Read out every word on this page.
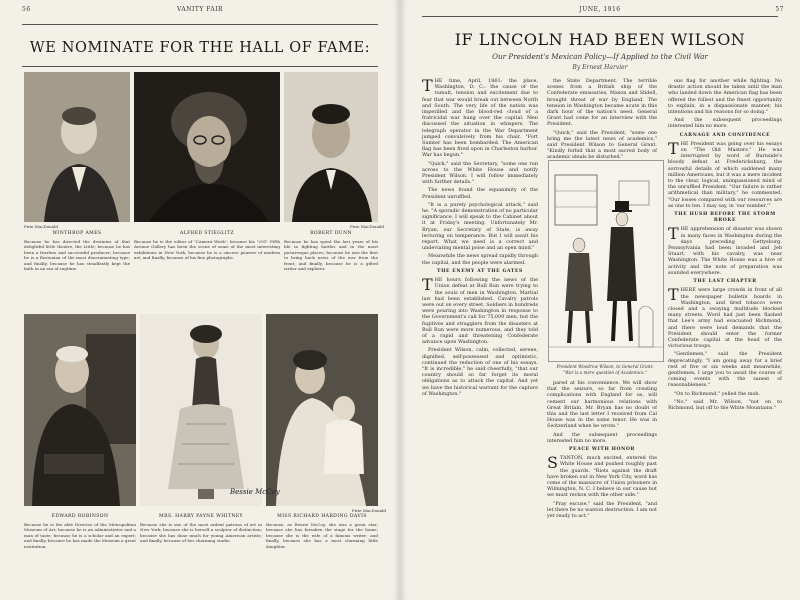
56	VANITY FAIR
WE NOMINATE FOR THE HALL OF FAME:
Pirie MacDonald	Pirie MacDonald
WINTHROP AMES	ALFRED STIEGLITZ	ROBERT DUNN
Because he has directed the destinies of that delightful little theatre, the Little; because he has been a fearless and successful producer; because he is a Bostonian of the most discriminating type; and finally, because he has steadfastly kept the faith in an era of ragtime.
Because he is the editor of "Camera Work"; because his "291" Fifth Avenue Gallery has been the scene of some of the most interesting exhibitions in New York; because he is a sincere pioneer of modern art; and finally, because of his fine photographs.
Because he has spent the last years of his life in fighting battles and in the most picturesque places; because he was the first to bring back news of the war from the front; and finally, because he is a gifted writer and explorer.
Bessie McCoy
Pirie MacDonald
EDWARD ROBINSON	MRS. HARRY PAYNE WHITNEY	MISS RICHARD HARDING DAVIS
Because he is the able Director of the Metropolitan Museum of Art; because he is an administrator and a man of taste; because he is a scholar and an expert; and finally, because he has made the Museum a great institution.
Because she is one of the most ardent patrons of art in New York; because she is herself a sculptor of distinction; because she has done much for young American artists; and finally, because of her charming studio.
Because, as Bessie McCoy, she was a great star; because she has forsaken the stage for the home; because she is the wife of a famous writer; and finally, because she has a most charming little daughter.
JUNE, 1916	57
IF LINCOLN HAD BEEN WILSON
Our President's Mexican Policy—If Applied to the Civil War
By Ernest Harvier

THE time, April, 1861: the place, Washington, D. C.: the cause of the tumult, tension and excitement due to fear that war would break out between North and South. The very life of the nation was imperilled and the blood-red cloud of a fratricidal war hung over the capital. Men discussed the situation in whispers. The telegraph operator in the War Department jumped convulsively from his chair. "Fort Sumter has been bombarded. The American flag has been fired upon in Charleston harbor. War has begun."

"Quick," said the Secretary, "some one run across to the White House and notify President Wilson. I will follow immediately with further details."

The news found the equanimity of the President unruffled.

"It is a purely psychological attack," said he. "A sporadic demonstration of no particular significance. I will speak to the Cabinet about it at Friday's meeting. Unfortunately Mr. Bryan, our Secretary of State, is away lecturing on temperance. But I will await his report. What we need is a correct and undeviating mental poise and an open mind."

Meanwhile the news spread rapidly through the capital, and the people were alarmed.

THE ENEMY AT THE GATES

THE hours following the news of the Union defeat at Bull Run were trying to the souls of men in Washington. Martial law had been established. Cavalry patrols were out on every street. Soldiers in hundreds were pouring into Washington in response to the Government's call for 75,000 men, but the fugitives and stragglers from the disasters at Bull Run were more numerous, and they told of a rapid and threatening Confederate advance upon Washington.

President Wilson, calm, collected, serene, dignified, self-possessed and optimistic, continued the redaction of one of his essays. "It is incredible," he said cheerfully, "that our country should so far forget its moral obligations as to attack the capital. And yet we have the historical warrant for the capture of Washington."

the State Department. The terrible scenes from a British ship of the Confederate emissaries, Mason and Slidell, brought threat of war by England. The tension in Washington became acute in this dark hour of the nation's need. General Grant had come for an interview with the President.

"Quick," said the President, "some one bring me the latest news of academics," said President Wilson to General Grant. "Kindly forbid that a most sacred body of academic ideals be disturbed."

ons flag for another while fighting. No drastic action should be taken until the man who landed down the American flag has been offered the fullest and the finest opportunity to explain, in a dispassionate manner, his intentions and his reasons for so doing."

And the subsequent proceedings interested him no more.

CARNAGE AND CONFIDENCE

THE President was going over his essays on "The Old Masters." He was interrupted by word of Burnside's bloody defeat at Fredericksburg, the sorrowful details of which saddened many million Americans, but it was a mere incident to the clear, logical, unimpassioned mind of the unruffled President. "Our failure is rather arithmetical than military," he commented. "Our losses compared with our resources are as one to ten. I may say, in 'our number.'"

THE HUSH BEFORE THE STORM BROKE

THE apprehension of disaster was shown in many faces in Washington during the days preceding Gettysburg. Pennsylvania had been invaded and Jeb Stuart, with his cavalry, was near Washington. The White House was a hive of activity and the note of preparation was sounded everywhere.

THE LAST CHAPTER

THERE were large crowds in front of all the newspaper bulletin boards in Washington, and tired tobacco were closed and a swaying multitude blocked many streets. Word had just been flashed that Lee's army had evacuated Richmond, and there were loud demands that the President should enter the former Confederate capital at the head of the victorious troops.

"Gentlemen," said the President deprecatingly, "I am going away for a brief rest of five or six weeks and meanwhile, gentlemen, I urge you to await the course of coming events with the sanest of reasonableness."

"On to Richmond," yelled the mob.

"No," said Mr. Wilson, "not on to Richmond, but off to the White Mountains."

President Woodrow Wilson, to General Grant:
"War is a mere question of Academics."

pared at his convenience. We will show that the seizure, so far from creating complications with England for us, will cement our harmonious relations with Great Britain. Mr. Bryan has no doubt of this and the last letter I received from Cal House was in the same tenor. He was in Switzerland when he wrote."

And the subsequent proceedings interested him no more.

PEACE WITH HONOR

STANTON, much excited, entered the White House and pushed roughly past the guards. "Riots against the draft have broken out in New York City, word has come of the massacre of Union prisoners in Wilmington, N. C. I believe in our cause but we must reckon with the other side."

"Pray excuse," said the President, "and let there be no wanton destruction. I am not yet ready to act."
